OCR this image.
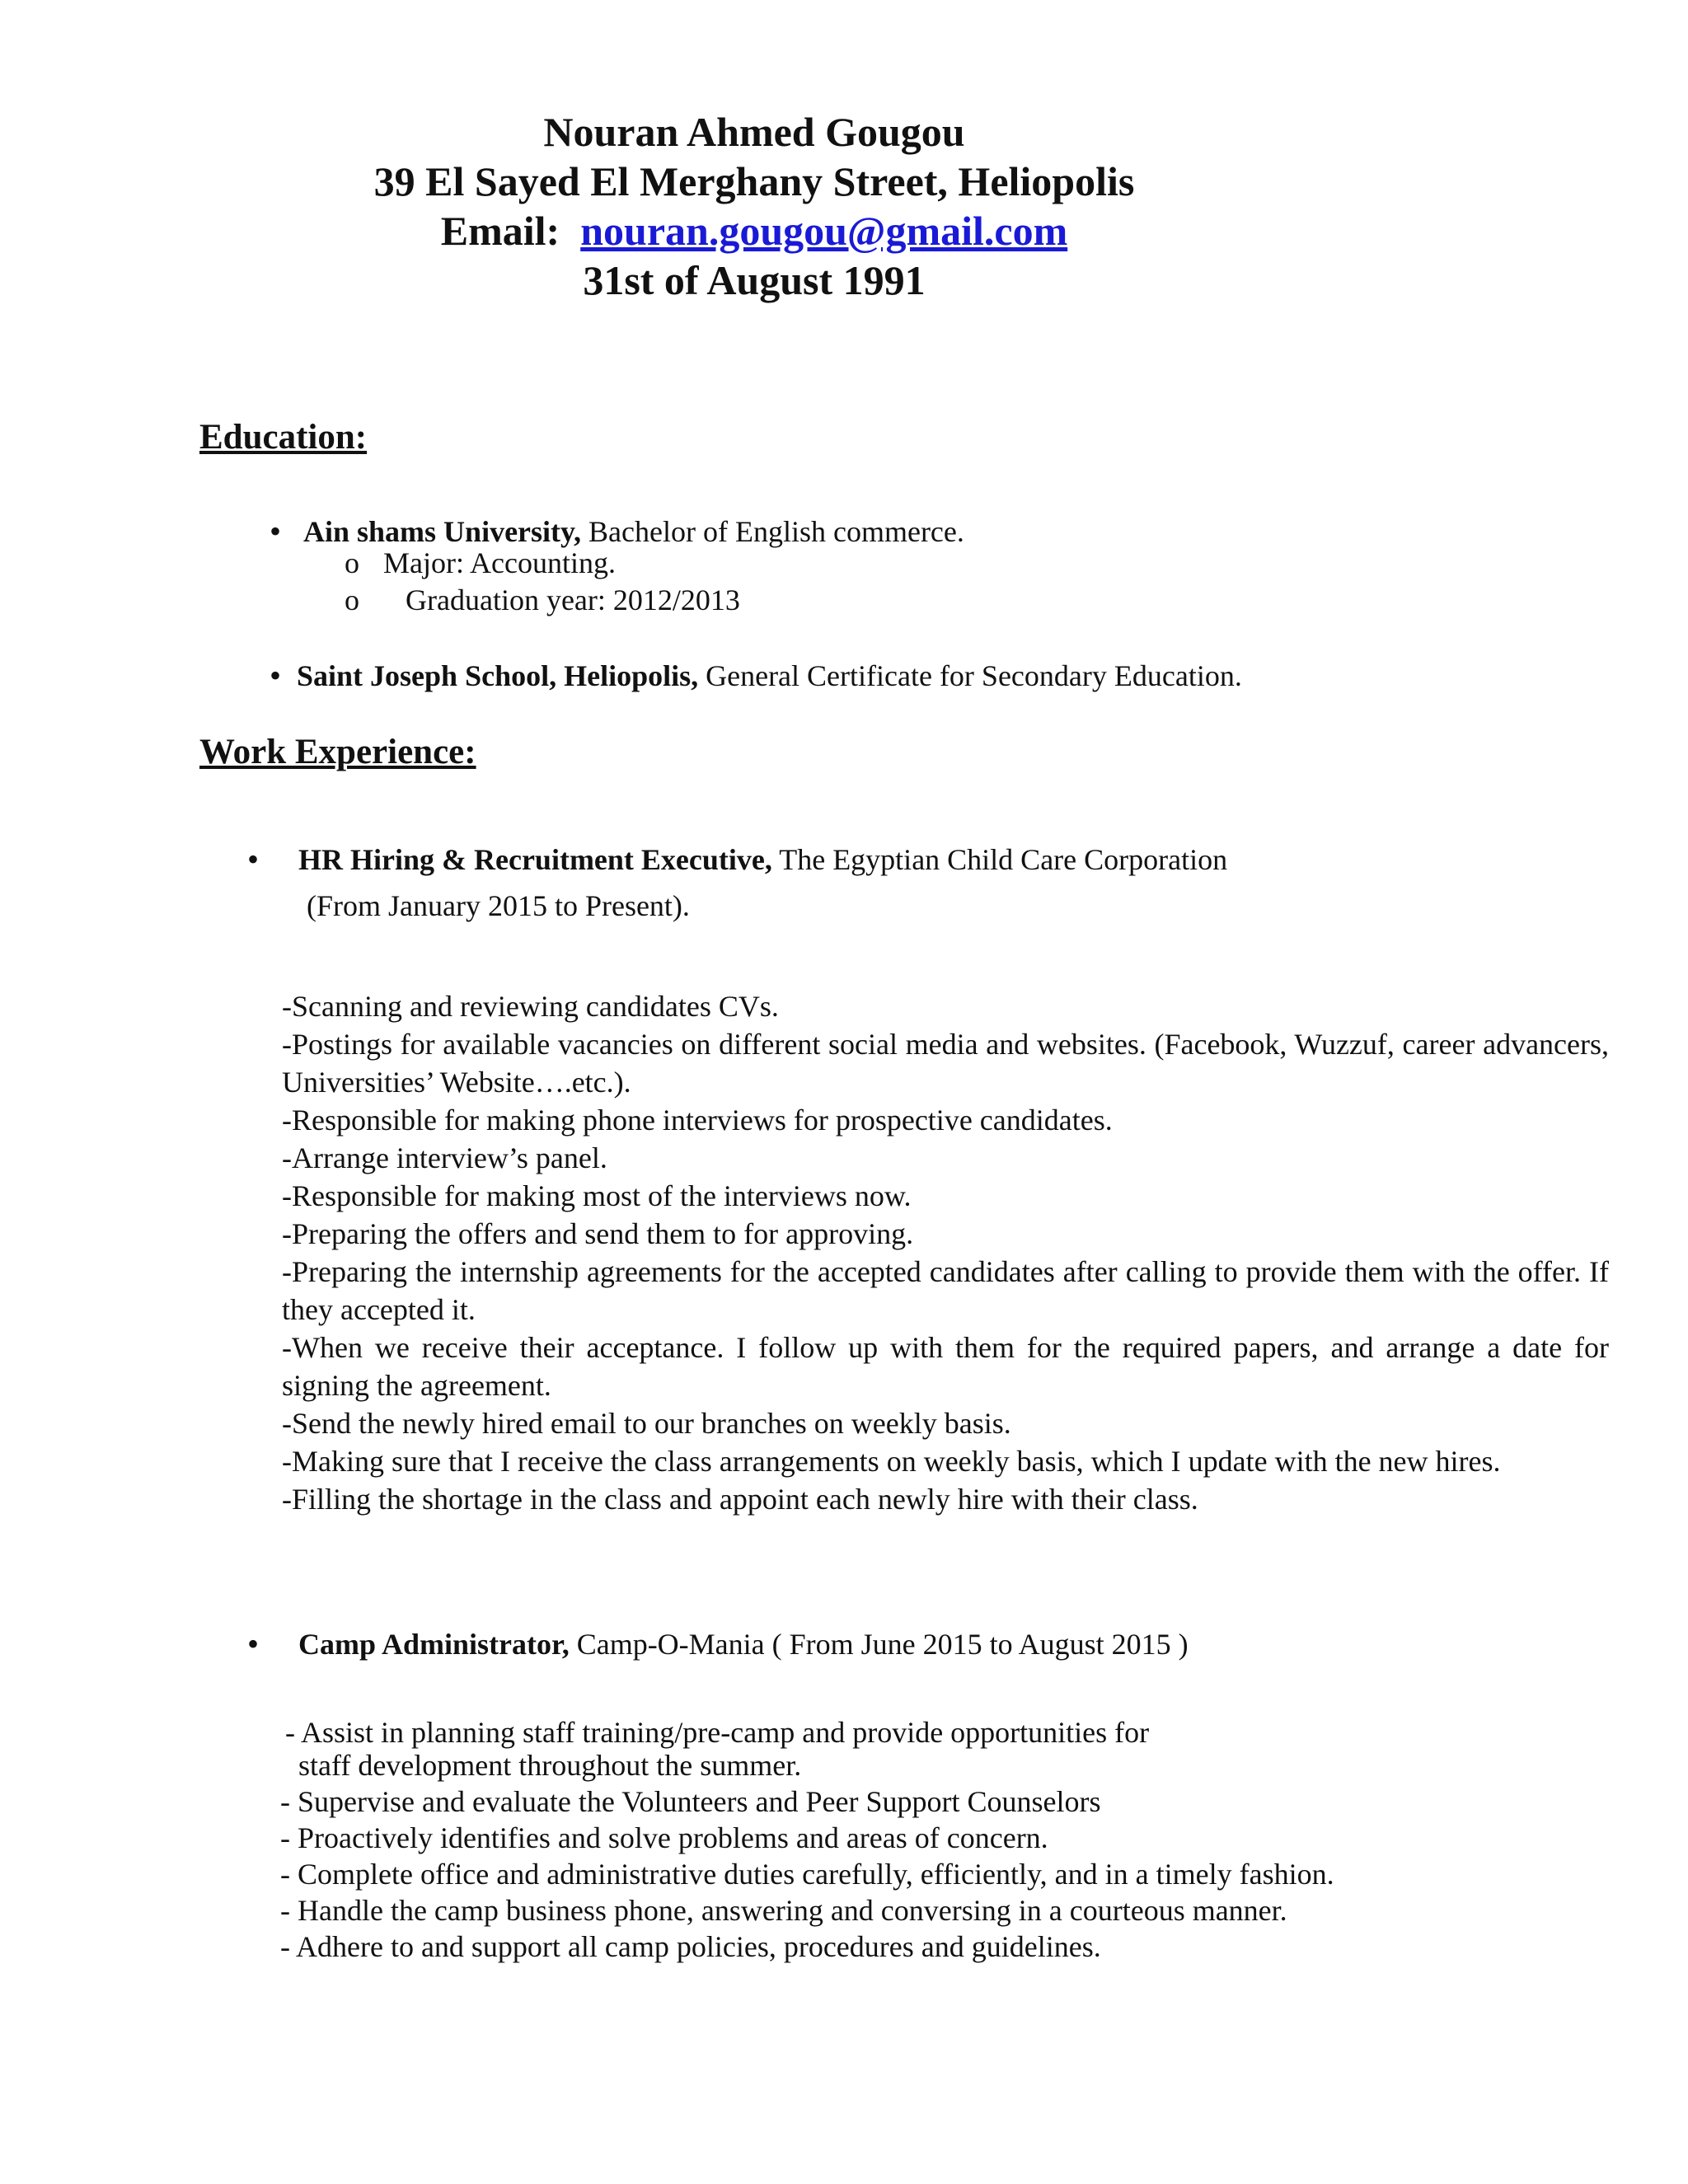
Nouran Ahmed Gougou
39 El Sayed El Merghany Street, Heliopolis
Email: nouran.gougou@gmail.com
31st of August 1991
Education:
• Ain shams University, Bachelor of English commerce.
o Major: Accounting.
o Graduation year: 2012/2013
• Saint Joseph School, Heliopolis, General Certificate for Secondary Education.
Work Experience:
• HR Hiring & Recruitment Executive, The Egyptian Child Care Corporation
(From January 2015 to Present).
-Scanning and reviewing candidates CVs.
-Postings for available vacancies on different social media and websites. (Facebook, Wuzzuf, career advancers, Universities’ Website….etc.).
-Responsible for making phone interviews for prospective candidates.
-Arrange interview’s panel.
-Responsible for making most of the interviews now.
-Preparing the offers and send them to for approving.
-Preparing the internship agreements for the accepted candidates after calling to provide them with the offer. If they accepted it.
-When we receive their acceptance. I follow up with them for the required papers, and arrange a date for signing the agreement.
-Send the newly hired email to our branches on weekly basis.
-Making sure that I receive the class arrangements on weekly basis, which I update with the new hires.
-Filling the shortage in the class and appoint each newly hire with their class.
• Camp Administrator, Camp-O-Mania ( From June 2015 to August 2015 )
- Assist in planning staff training/pre-camp and provide opportunities for
staff development throughout the summer.
- Supervise and evaluate the Volunteers and Peer Support Counselors
- Proactively identifies and solve problems and areas of concern.
- Complete office and administrative duties carefully, efficiently, and in a timely fashion.
- Handle the camp business phone, answering and conversing in a courteous manner.
- Adhere to and support all camp policies, procedures and guidelines.
